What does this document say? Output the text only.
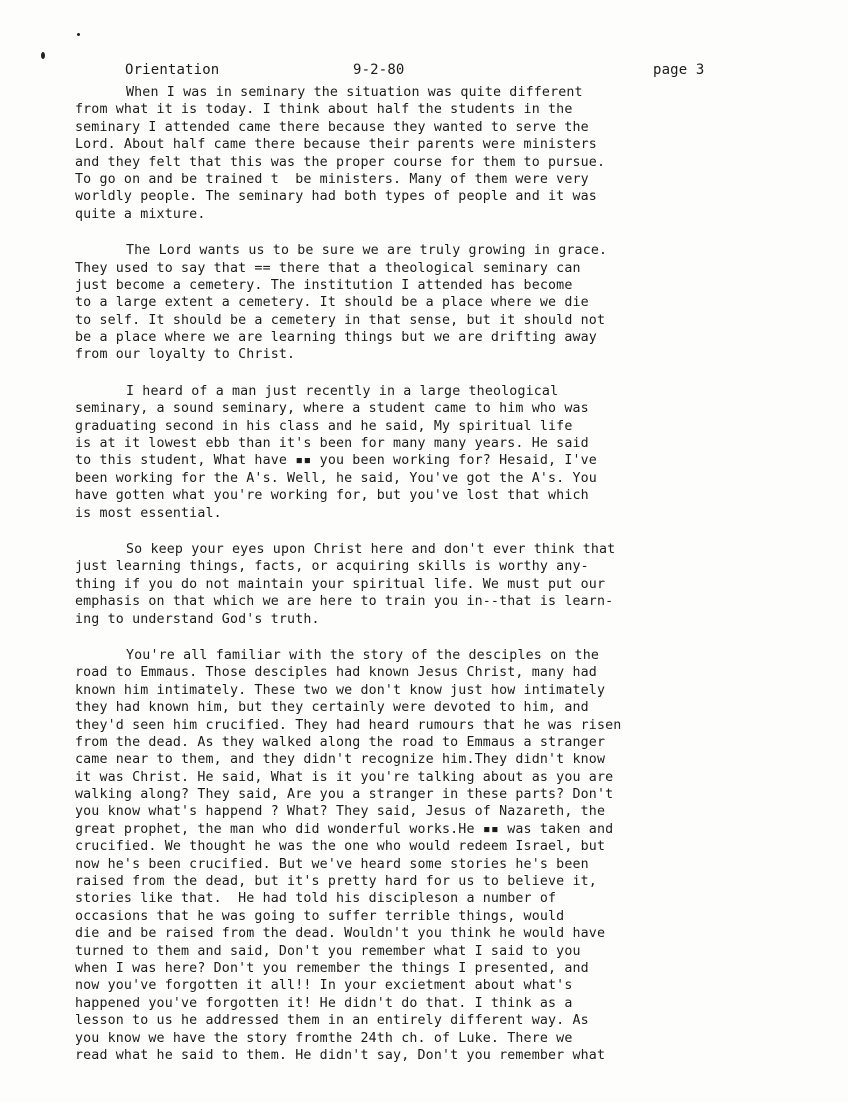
Orientation	9-2-80	page 3
When I was in seminary the situation was quite different
from what it is today. I think about half the students in the
seminary I attended came there because they wanted to serve the
Lord. About half came there because their parents were ministers
and they felt that this was the proper course for them to pursue.
To go on and be trained t  be ministers. Many of them were very
worldly people. The seminary had both types of people and it was
quite a mixture.
The Lord wants us to be sure we are truly growing in grace.
They used to say that == there that a theological seminary can
just become a cemetery. The institution I attended has become
to a large extent a cemetery. It should be a place where we die
to self. It should be a cemetery in that sense, but it should not
be a place where we are learning things but we are drifting away
from our loyalty to Christ.
I heard of a man just recently in a large theological
seminary, a sound seminary, where a student came to him who was
graduating second in his class and he said, My spiritual life
is at it lowest ebb than it's been for many many years. He said
to this student, What have ▪▪ you been working for? Hesaid, I've
been working for the A's. Well, he said, You've got the A's. You
have gotten what you're working for, but you've lost that which
is most essential.
So keep your eyes upon Christ here and don't ever think that
just learning things, facts, or acquiring skills is worthy any-
thing if you do not maintain your spiritual life. We must put our
emphasis on that which we are here to train you in--that is learn-
ing to understand God's truth.
You're all familiar with the story of the desciples on the
road to Emmaus. Those desciples had known Jesus Christ, many had
known him intimately. These two we don't know just how intimately
they had known him, but they certainly were devoted to him, and
they'd seen him crucified. They had heard rumours that he was risen
from the dead. As they walked along the road to Emmaus a stranger
came near to them, and they didn't recognize him.They didn't know
it was Christ. He said, What is it you're talking about as you are
walking along? They said, Are you a stranger in these parts? Don't
you know what's happend ? What? They said, Jesus of Nazareth, the
great prophet, the man who did wonderful works.He ▪▪ was taken and
crucified. We thought he was the one who would redeem Israel, but
now he's been crucified. But we've heard some stories he's been
raised from the dead, but it's pretty hard for us to believe it,
stories like that.  He had told his discipleson a number of
occasions that he was going to suffer terrible things, would
die and be raised from the dead. Wouldn't you think he would have
turned to them and said, Don't you remember what I said to you
when I was here? Don't you remember the things I presented, and
now you've forgotten it all!! In your excietment about what's
happened you've forgotten it! He didn't do that. I think as a
lesson to us he addressed them in an entirely different way. As
you know we have the story fromthe 24th ch. of Luke. There we
read what he said to them. He didn't say, Don't you remember what
